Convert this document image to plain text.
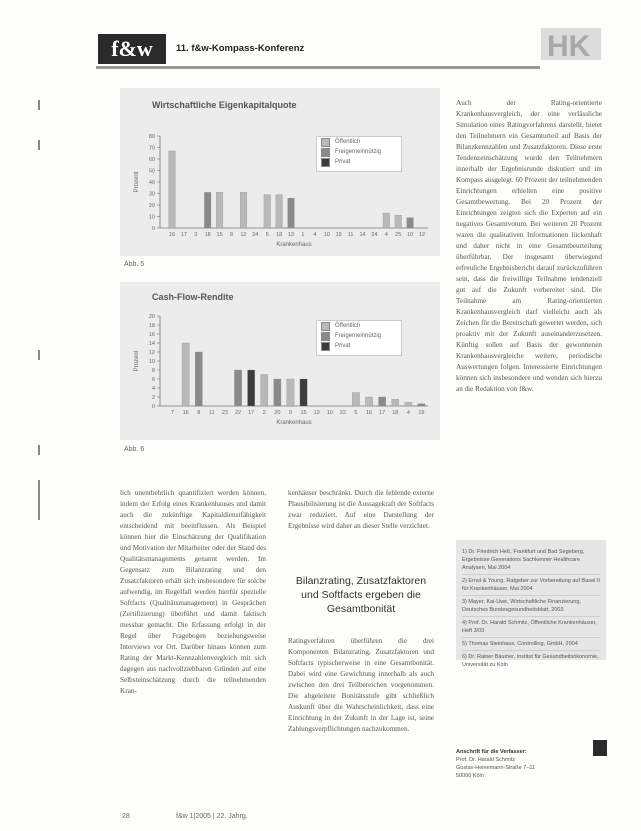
f&w	11. f&w-Kompass-Konferenz	HK
Wirtschaftliche Eigenkapitalquote
0
10
20
30
40
50
60
70
80
Prozent
16 17 3 18 15 8 12 24 5 18 13 1 4 10 19 11 14 24 4 25 10 12
Krankenhaus
Öffentlich
Freigemeinnützig
Privat
Abb. 5
Cash-Flow-Rendite
0
2
4
6
8
10
12
14
16
18
20
Prozent
7 16 8 11 23 22 17 2 20 9 15 13 10 22 5 16 17 18 4 19
Krankenhaus
Öffentlich
Freigemeinnützig
Privat
Abb. 6

Auch der Rating-orientierte Krankenhausvergleich, der eine verlässliche Simulation eines Ratingverfahrens darstellt, bietet den Teilnehmern ein Gesamturteil auf Basis der Bilanzkennzahlen und Zusatzfaktoren. Diese erste Tendenzeinschätzung wurde den Teilnehmern innerhalb der Ergebnisrunde diskutiert und im Kompass ausgelegt. 60 Prozent der teilnehmenden Einrichtungen erhielten eine positive Gesamtbewertung. Bei 20 Prozent der Einrichtungen zeigten sich die Experten auf ein negatives Gesamtvotum. Bei weiteren 20 Prozent waren die qualitativen Informationen lückenhaft und daher nicht in eine Gesamtbeurteilung überführbar. Der insgesamt überwiegend erfreuliche Ergebnisbericht darauf zurückzuführen sein, dass die freiwillige Teilnahme tendenziell gut auf die Zukunft vorbereitet sind. Die Teilnahme am Rating-orientierten Krankenhausvergleich darf vielleicht auch als Zeichen für die Bereitschaft gewertet werden, sich proaktiv mit der Zukunft auseinanderzusetzen. Künftig sollen auf Basis der gewonnenen Krankenhausvergleiche weitere, periodische Auswertungen folgen. Interessierte Einrichtungen können sich insbesondere und wenden sich hierzu an die Redaktion von f&w.

lich unentbehrlich quantifiziert werden können, indem der Erfolg eines Krankenhauses und damit auch die zukünftige Kapitaldienstfähigkeit entscheidend mit beeinflussen. Als Beispiel können hier die Einschätzung der Qualifikation und Motivation der Mitarbeiter oder der Stand des Qualitätsmanagements genannt werden. Im Gegensatz zum Bilanzrating und den Zusatzfaktoren erhält sich insbesondere für solche aufwendig, im Regelfall werden hierfür spezielle Softfacts (Qualitätsmanagement) in Gesprächen (Zertifizierung) überführt und damit faktisch messbar gemacht. Die Erfassung erfolgt in der Regel über Fragebogen beziehungsweise Interviews vor Ort. Darüber hinaus können zum Rating der Markt-Kennzahlenvergleich mit sich dagegen aus nachvollziehbaren Gründen auf eine Selbsteinschätzung durch die teilnehmenden Kran-

kenhäuser beschränkt. Durch die fehlende externe Plausibilisierung ist die Aussagekraft der Softfacts zwar reduziert. Auf eine Darstellung der Ergebnisse wird daher an dieser Stelle verzichtet.

Bilanzrating, Zusatzfaktoren und Softfacts ergeben die Gesamtbonität

Ratingverfahren überführen die drei Komponenten Bilanzrating, Zusatzfaktoren und Softfacts typischerweise in eine Gesamtbonität. Dabei wird eine Gewichtung innerhalb als auch zwischen den drei Teilbereichen vorgenommen. Die abgeleitete Bonitätsstufe gibt schließlich Auskunft über die Wahrscheinlichkeit, dass eine Einrichtung in der Zukunft in der Lage ist, seine Zahlungsverpflichtungen nachzukommen.

1) Dr. Friedrich Heß, Frankfurt und Bad Segeberg, Ergebnisse Generations Sachkenner Healthcare Analysen, Mai 2004
2) Ernst & Young, Ratgeber zur Vorbereitung auf Basel II für Krankenhäuser, Mai 2004
3) Mayer, Kai-Uwe, Wirtschaftliche Finanzierung, Deutsches Bundesgesundheitsblatt, 2003
4) Prof. Dr. Harald Schmitz, Öffentliche Krankenhäuser, Heft 3/03
5) Thomas Steinhaus, Controlling, GmbH, 2004
6) Dr. Rainer Bäumer, Institut für Gesundheitsökonomie, Universität zu Köln
Anschrift für die Verfasser:
Prof. Dr. Harald Schmitz
Gustav-Heinemann-Straße 7–11
50000 Köln
28	f&w 1|2005 | 22. Jahrg.
